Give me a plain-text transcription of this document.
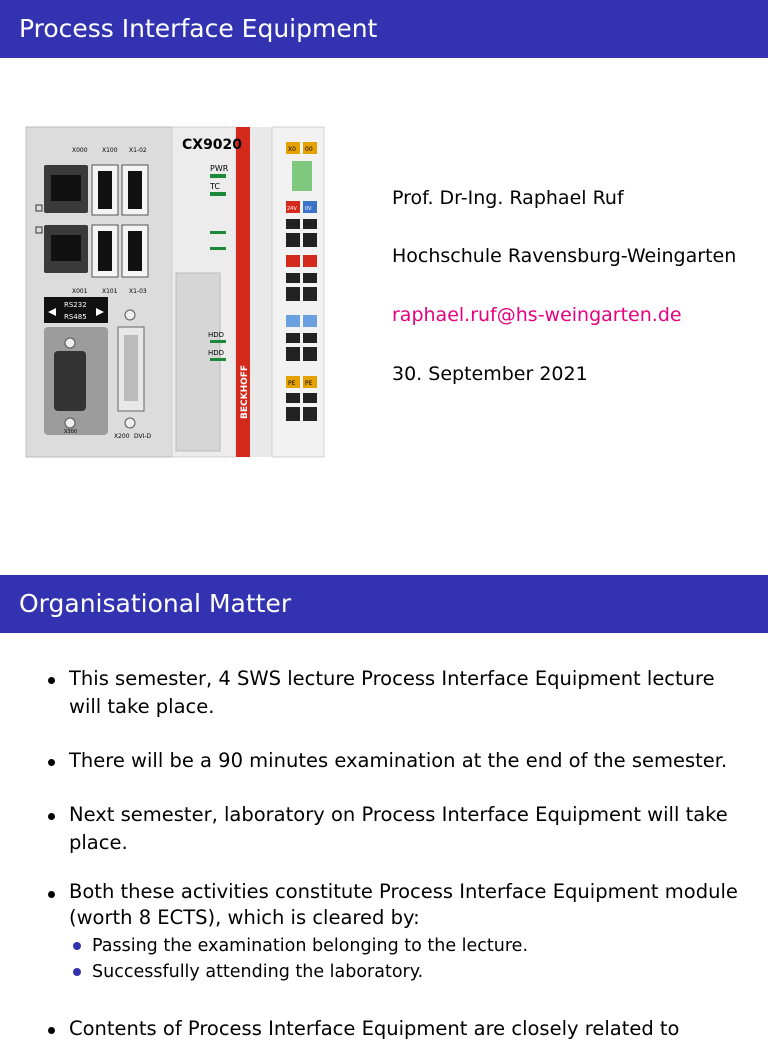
Process Interface Equipment
X000 X100 X1-02
X001 X101 X1-03
RS232
RS485
X300
X200 DVI-D
CX9020
PWR
TC
HDD
HDD
BECKHOFF
X0 00
24V 0V
PE PE
Prof. Dr-Ing. Raphael Ruf
Hochschule Ravensburg-Weingarten
raphael.ruf@hs-weingarten.de
30. September 2021
Organisational Matter
This semester, 4 SWS lecture Process Interface Equipment lecture will take place.
There will be a 90 minutes examination at the end of the semester.
Next semester, laboratory on Process Interface Equipment will take place.
Both these activities constitute Process Interface Equipment module (worth 8 ECTS), which is cleared by:
Passing the examination belonging to the lecture.
Successfully attending the laboratory.
Contents of Process Interface Equipment are closely related to
